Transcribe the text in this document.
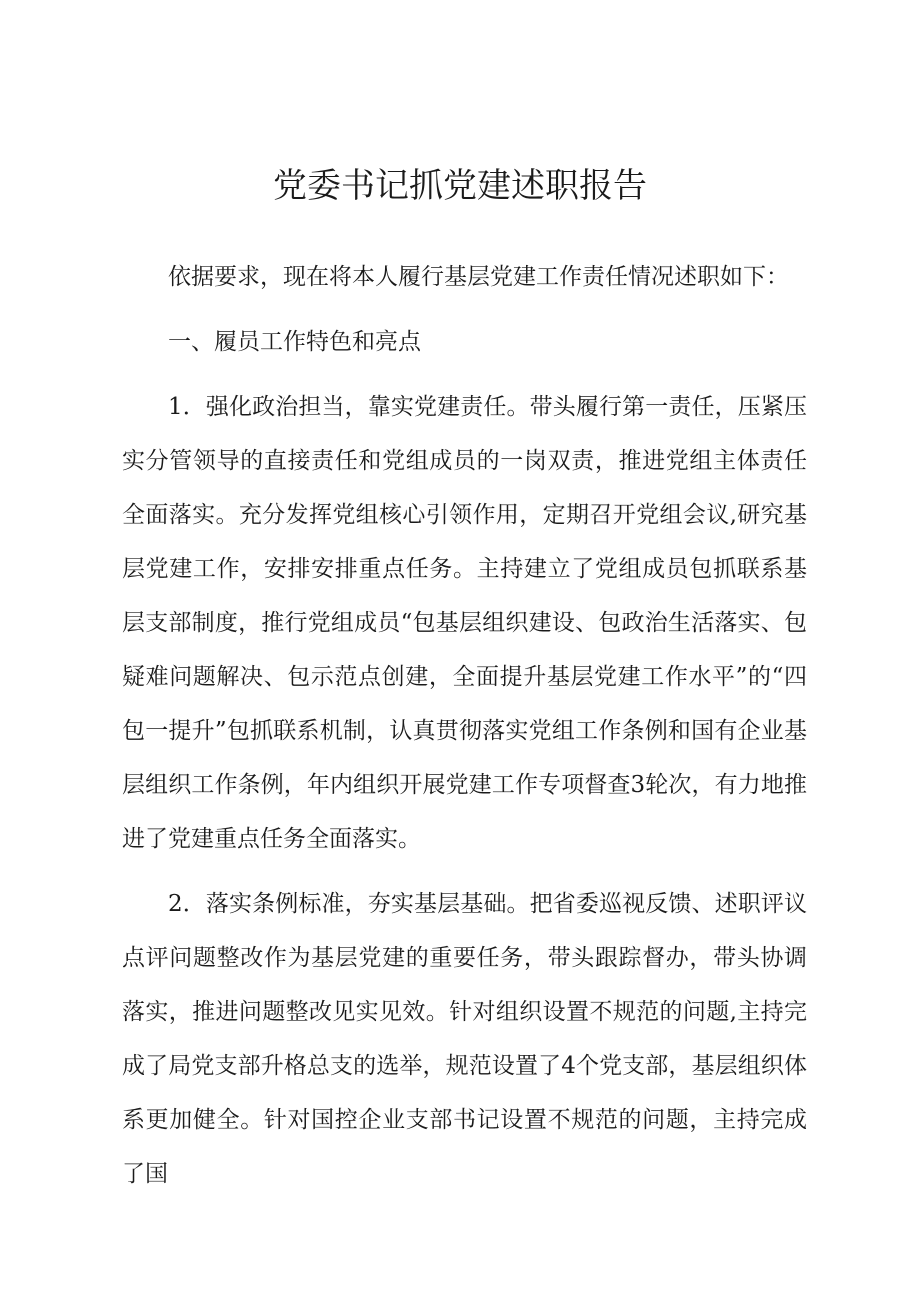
党委书记抓党建述职报告

依据要求，现在将本人履行基层党建工作责任情况述职如下：

一、履员工作特色和亮点

1．强化政治担当，靠实党建责任。带头履行第一责任，压紧压实分管领导的直接责任和党组成员的一岗双责，推进党组主体责任全面落实。充分发挥党组核心引领作用，定期召开党组会议,研究基层党建工作，安排安排重点任务。主持建立了党组成员包抓联系基层支部制度，推行党组成员“包基层组织建设、包政治生活落实、包疑难问题解决、包示范点创建，全面提升基层党建工作水平”的“四包一提升”包抓联系机制，认真贯彻落实党组工作条例和国有企业基层组织工作条例，年内组织开展党建工作专项督查3轮次，有力地推进了党建重点任务全面落实。

2．落实条例标准，夯实基层基础。把省委巡视反馈、述职评议点评问题整改作为基层党建的重要任务，带头跟踪督办，带头协调落实，推进问题整改见实见效。针对组织设置不规范的问题,主持完成了局党支部升格总支的选举，规范设置了4个党支部，基层组织体系更加健全。针对国控企业支部书记设置不规范的问题，主持完成了国
